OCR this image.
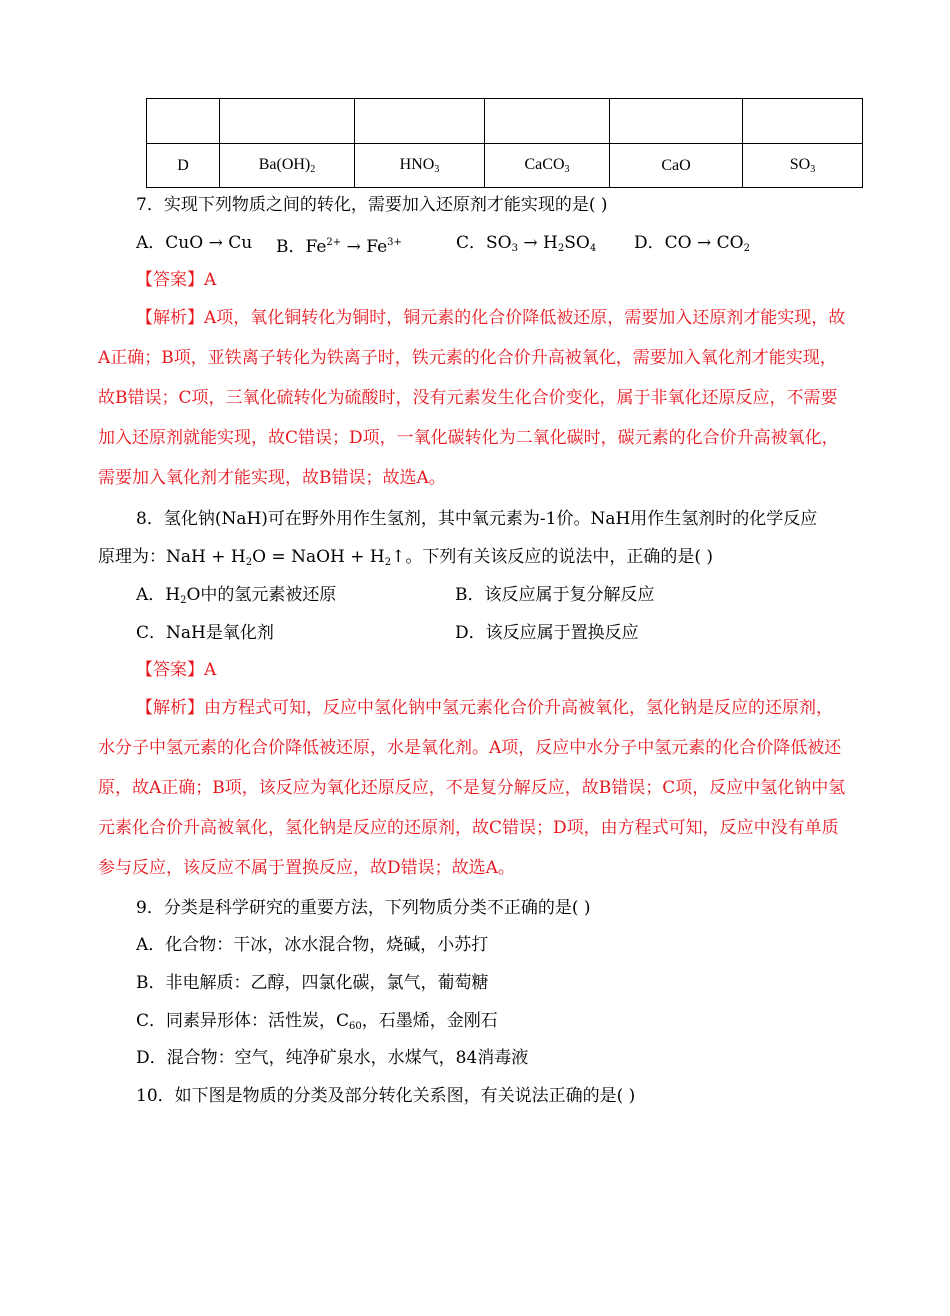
D	$Ba(OH)_2$	$HNO_3$	CaCO$_3$	CaO	$SO_3$
7．实现下列物质之间的转化，需要加入还原剂才能实现的是( )
A．CuO → Cu B．$Fe^{2+} \to Fe^{3+}$	C．$SO_3 \to H_2SO_4$ D．CO → $CO_2$
【答案】A
【解析】A项，氧化铜转化为铜时，铜元素的化合价降低被还原，需要加入还原剂才能实现，故A正确；B项，亚铁离子转化为铁离子时，铁元素的化合价升高被氧化，需要加入氧化剂才能实现，故B错误；C项，三氧化硫转化为硫酸时，没有元素发生化合价变化，属于非氧化还原反应，不需要加入还原剂就能实现，故C错误；D项，一氧化碳转化为二氧化碳时，碳元素的化合价升高被氧化，需要加入氧化剂才能实现，故B错误；故选A。
8．氢化钠(NaH)可在野外用作生氢剂，其中氧元素为-1价。NaH用作生氢剂时的化学反应
原理为：NaH + $H_2O$ = NaOH + $H_2↑$。下列有关该反应的说法中，正确的是( )
A．$H_2O$中的氢元素被还原	B．该反应属于复分解反应
C．NaH是氧化剂	D．该反应属于置换反应
【答案】A
【解析】由方程式可知，反应中氢化钠中氢元素化合价升高被氧化，氢化钠是反应的还原剂，水分子中氢元素的化合价降低被还原，水是氧化剂。A项，反应中水分子中氢元素的化合价降低被还原，故A正确；B项，该反应为氧化还原反应，不是复分解反应，故B错误；C项，反应中氢化钠中氢元素化合价升高被氧化，氢化钠是反应的还原剂，故C错误；D项，由方程式可知，反应中没有单质参与反应，该反应不属于置换反应，故D错误；故选A。
9．分类是科学研究的重要方法，下列物质分类不正确的是( )
A．化合物：干冰，冰水混合物，烧碱，小苏打
B．非电解质：乙醇，四氯化碳，氯气，葡萄糖
C．同素异形体：活性炭，$C_{60}$，石墨烯，金刚石
D．混合物：空气，纯净矿泉水，水煤气，84消毒液
10．如下图是物质的分类及部分转化关系图，有关说法正确的是( )
